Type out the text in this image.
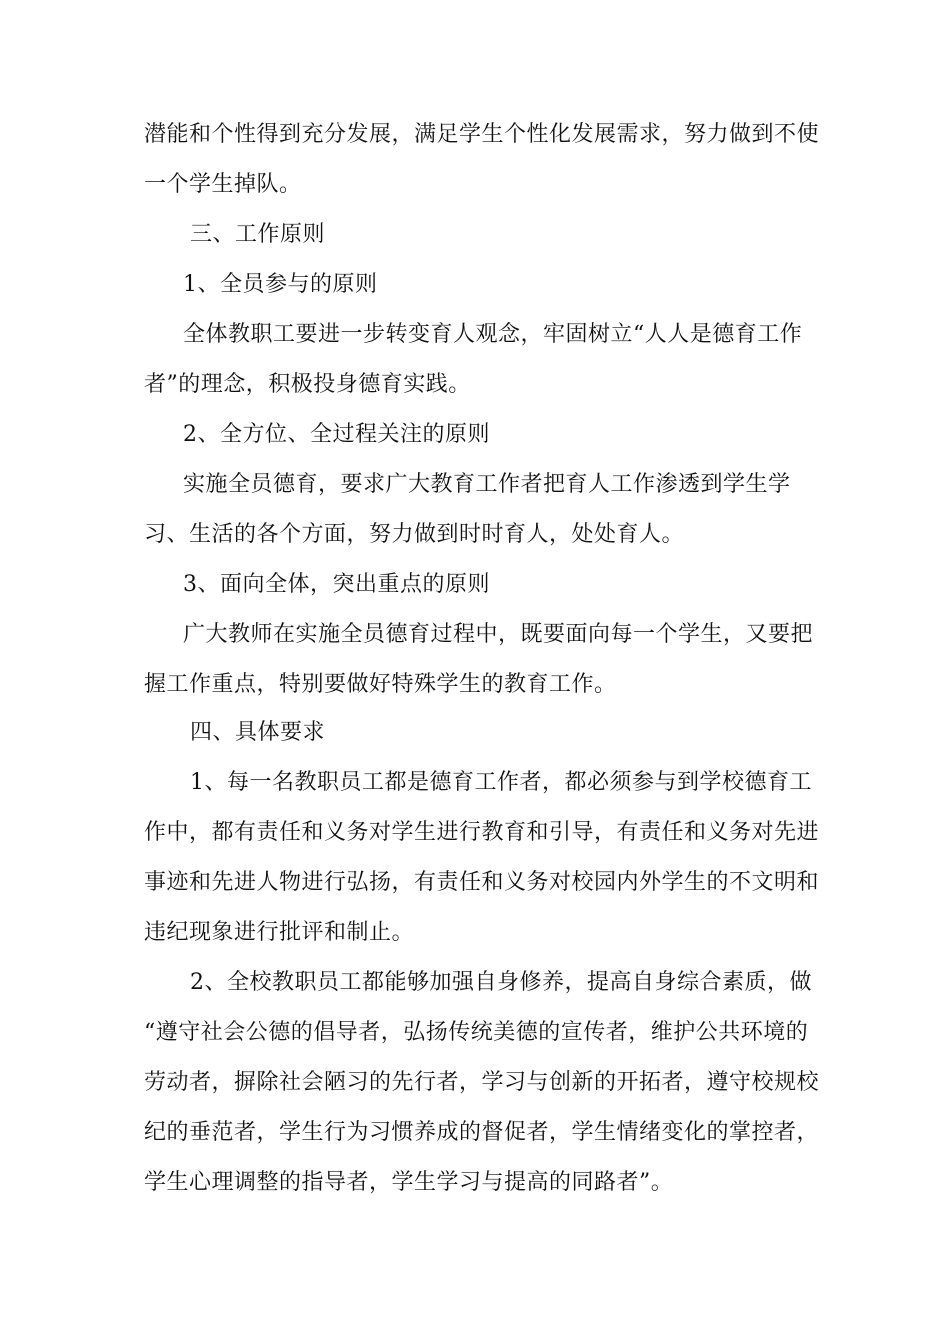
潜能和个性得到充分发展，满足学生个性化发展需求，努力做到不使
一个学生掉队。
三、工作原则
1、全员参与的原则
全体教职工要进一步转变育人观念，牢固树立“人人是德育工作
者”的理念，积极投身德育实践。
2、全方位、全过程关注的原则
实施全员德育，要求广大教育工作者把育人工作渗透到学生学
习、生活的各个方面，努力做到时时育人，处处育人。
3、面向全体，突出重点的原则
广大教师在实施全员德育过程中，既要面向每一个学生，又要把
握工作重点，特别要做好特殊学生的教育工作。
四、具体要求
1、每一名教职员工都是德育工作者，都必须参与到学校德育工
作中，都有责任和义务对学生进行教育和引导，有责任和义务对先进
事迹和先进人物进行弘扬，有责任和义务对校园内外学生的不文明和
违纪现象进行批评和制止。
2、全校教职员工都能够加强自身修养，提高自身综合素质，做
“遵守社会公德的倡导者，弘扬传统美德的宣传者，维护公共环境的
劳动者，摒除社会陋习的先行者，学习与创新的开拓者，遵守校规校
纪的垂范者，学生行为习惯养成的督促者，学生情绪变化的掌控者，
学生心理调整的指导者，学生学习与提高的同路者”。
